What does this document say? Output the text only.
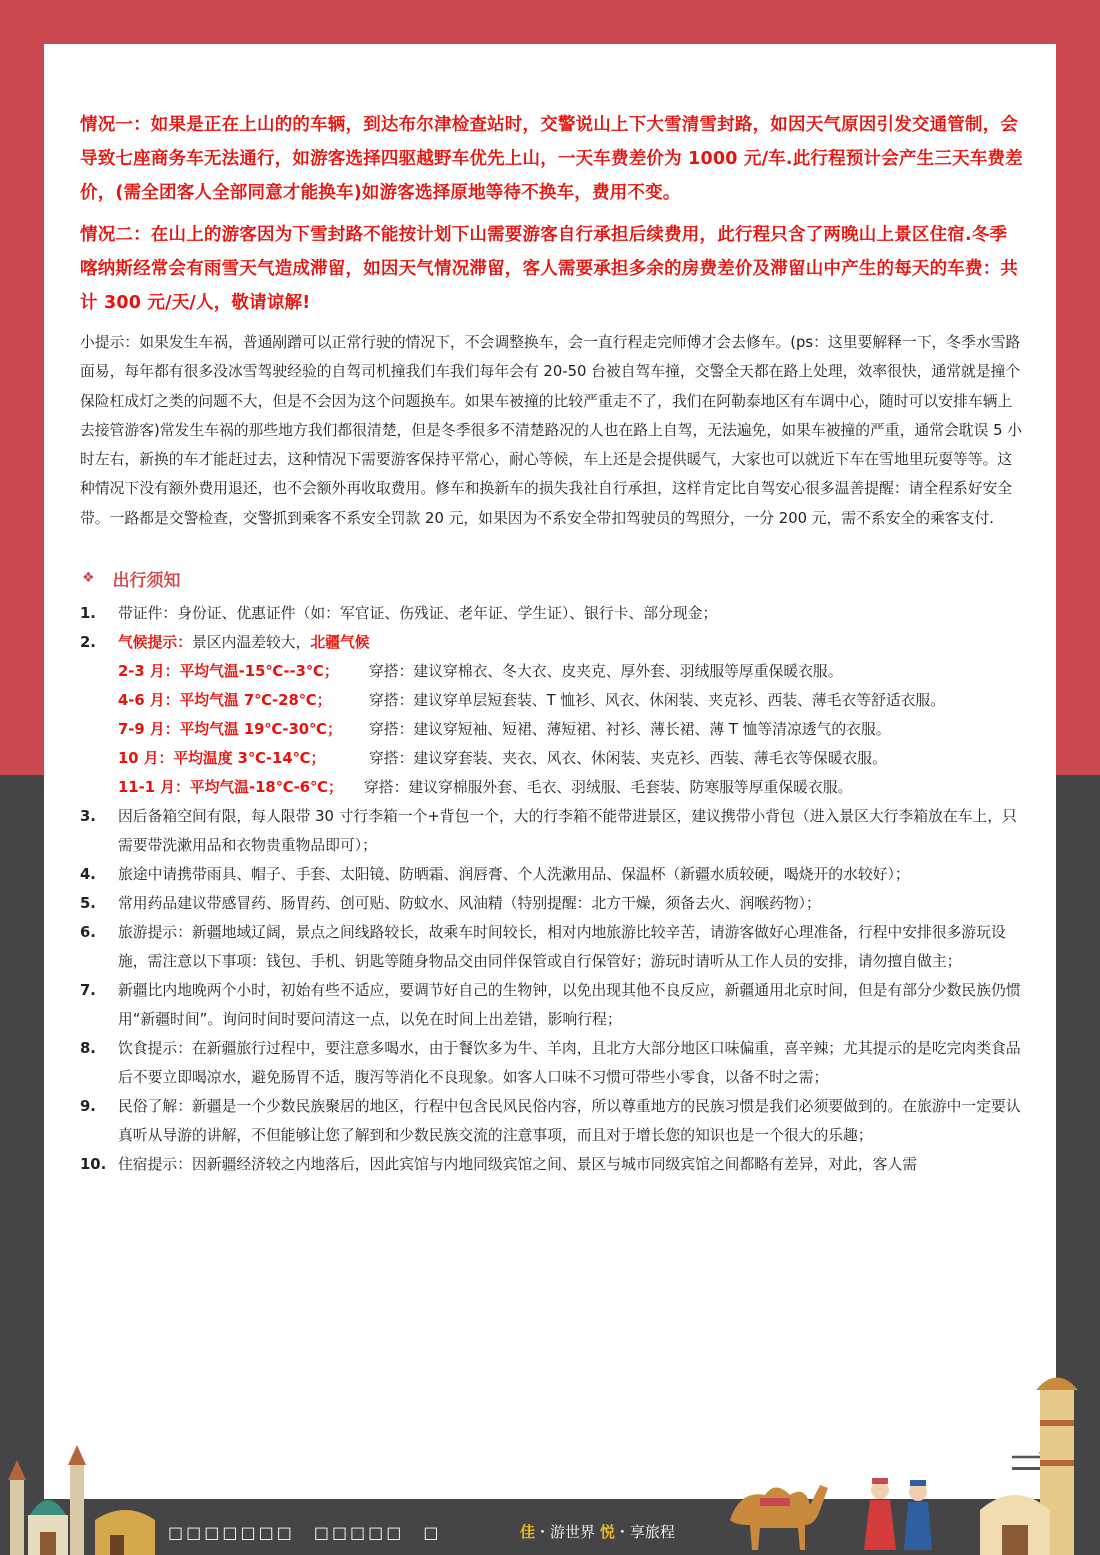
情况一：如果是正在上山的的车辆，到达布尔津检查站时，交警说山上下大雪清雪封路，如因天气原因引发交通管制，会导致七座商务车无法通行，如游客选择四驱越野车优先上山，一天车费差价为 1000 元/车.此行程预计会产生三天车费差价，(需全团客人全部同意才能换车)如游客选择原地等待不换车，费用不变。

情况二：在山上的游客因为下雪封路不能按计划下山需要游客自行承担后续费用，此行程只含了两晚山上景区住宿.冬季喀纳斯经常会有雨雪天气造成滞留，如因天气情况滞留，客人需要承担多余的房费差价及滞留山中产生的每天的车费：共计 300 元/天/人，敬请谅解!

小提示：如果发生车祸，普通剐蹭可以正常行驶的情况下，不会调整换车，会一直行程走完师傅才会去修车。(ps：这里要解释一下，冬季水雪路面易，每年都有很多没冰雪驾驶经验的自驾司机撞我们车我们每年会有 20-50 台被自驾车撞，交警全天都在路上处理，效率很快，通常就是撞个保险杠成灯之类的问题不大，但是不会因为这个问题换车。如果车被撞的比较严重走不了，我们在阿勒泰地区有车调中心，随时可以安排车辆上去接管游客)常发生车祸的那些地方我们都很清楚，但是冬季很多不清楚路况的人也在路上自驾，无法遍免，如果车被撞的严重，通常会耽误 5 小时左右，新换的车才能赶过去，这种情况下需要游客保持平常心，耐心等候，车上还是会提供暖气，大家也可以就近下车在雪地里玩耍等等。这种情况下没有额外费用退还，也不会额外再收取费用。修车和换新车的损失我社自行承担，这样肯定比自驾安心很多温善提醒：请全程系好安全带。一路都是交警检查，交警抓到乘客不系安全罚款 20 元，如果因为不系安全带扣驾驶员的驾照分，一分 200 元，需不系安全的乘客支付.

❖ 出行须知
1.	带证件：身份证、优惠证件（如：军官证、伤残证、老年证、学生证）、银行卡、部分现金；
2.	气候提示：景区内温差较大，北疆气候
2-3 月：平均气温-15℃--3℃；	穿搭：建议穿棉衣、冬大衣、皮夹克、厚外套、羽绒服等厚重保暖衣服。
4-6 月：平均气温 7℃-28℃；	穿搭：建议穿单层短套装、T 恤衫、风衣、休闲装、夹克衫、西装、薄毛衣等舒适衣服。
7-9 月：平均气温 19℃-30℃；	穿搭：建议穿短袖、短裙、薄短裙、衬衫、薄长裙、薄 T 恤等清凉透气的衣服。
10 月：平均温度 3℃-14℃；	穿搭：建议穿套装、夹衣、风衣、休闲装、夹克衫、西装、薄毛衣等保暖衣服。
11-1 月：平均气温-18℃-6℃；	穿搭：建议穿棉服外套、毛衣、羽绒服、毛套装、防寒服等厚重保暖衣服。
3.	因后备箱空间有限，每人限带 30 寸行李箱一个+背包一个，大的行李箱不能带进景区，建议携带小背包（进入景区大行李箱放在车上，只需要带洗漱用品和衣物贵重物品即可）；
4.	旅途中请携带雨具、帽子、手套、太阳镜、防晒霜、润唇膏、个人洗漱用品、保温杯（新疆水质较硬，喝烧开的水较好）；
5.	常用药品建议带感冒药、肠胃药、创可贴、防蚊水、风油精（特别提醒：北方干燥，须备去火、润喉药物）；
6.	旅游提示：新疆地域辽阔，景点之间线路较长，故乘车时间较长，相对内地旅游比较辛苦，请游客做好心理准备，行程中安排很多游玩设施，需注意以下事项：钱包、手机、钥匙等随身物品交由同伴保管或自行保管好；游玩时请听从工作人员的安排，请勿擅自做主；
7.	新疆比内地晚两个小时，初始有些不适应，要调节好自己的生物钟，以免出现其他不良反应，新疆通用北京时间，但是有部分少数民族仍惯用“新疆时间”。询问时间时要问清这一点，以免在时间上出差错，影响行程；
8.	饮食提示：在新疆旅行过程中，要注意多喝水，由于餐饮多为牛、羊肉，且北方大部分地区口味偏重，喜辛辣；尤其提示的是吃完肉类食品后不要立即喝凉水，避免肠胃不适，腹泻等消化不良现象。如客人口味不习惯可带些小零食，以备不时之需；
9.	民俗了解：新疆是一个少数民族聚居的地区，行程中包含民风民俗内容，所以尊重地方的民族习惯是我们必须要做到的。在旅游中一定要认真听从导游的讲解，不但能够让您了解到和少数民族交流的注意事项，而且对于增长您的知识也是一个很大的乐趣；
10. 住宿提示：因新疆经济较之内地落后，因此宾馆与内地同级宾馆之间、景区与城市同级宾馆之间都略有差异，对此，客人需
□□□□□□□　□□□□□　□	佳・游世界 悦・享旅程
